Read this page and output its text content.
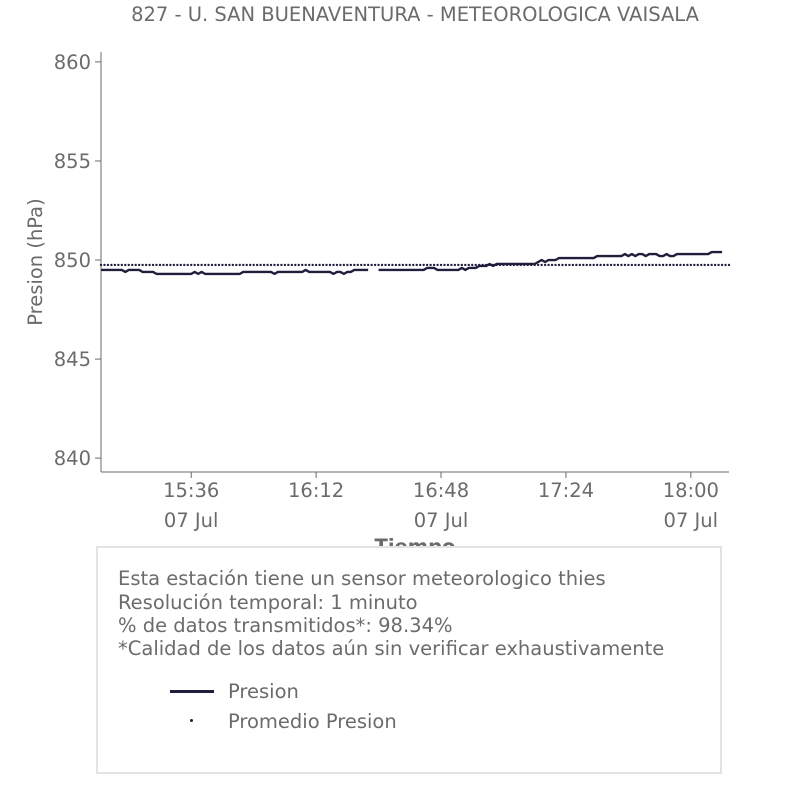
827 - U. SAN BUENAVENTURA - METEOROLOGICA VAISALA
Presion (hPa)
840
845
850
855
860
15:36
07 Jul
16:12	16:48
07 Jul
17:24	18:00
07 Jul
Esta estación tiene un sensor meteorologico thies
Resolución temporal: 1 minuto
% de datos transmitidos*: 98.34%
*Calidad de los datos aún sin verificar exhaustivamente
Presion
Promedio Presion
